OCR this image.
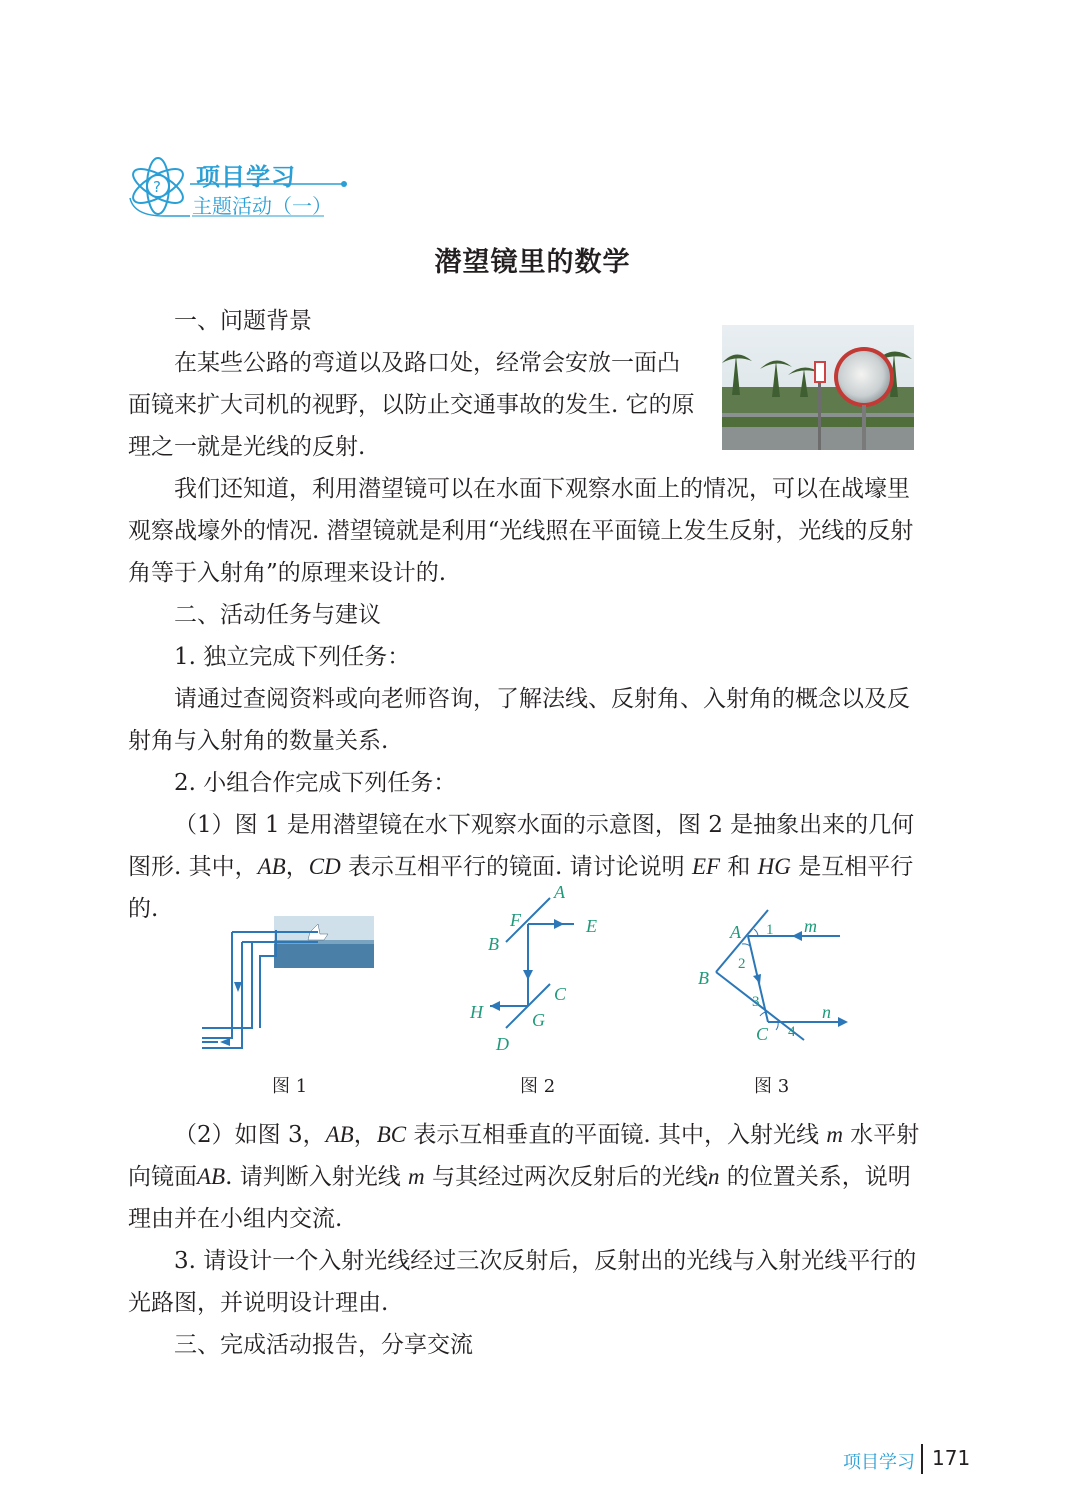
? 项目学习
主题活动（一）
潜望镜里的数学
一、问题背景

在某些公路的弯道以及路口处，经常会安放一面凸面镜来扩大司机的视野，以防止交通事故的发生. 它的原理之一就是光线的反射.

我们还知道，利用潜望镜可以在水面下观察水面上的情况，可以在战壕里观察战壕外的情况. 潜望镜就是利用“光线照在平面镜上发生反射，光线的反射角等于入射角”的原理来设计的.

二、活动任务与建议
1. 独立完成下列任务：

请通过查阅资料或向老师咨询，了解法线、反射角、入射角的概念以及反射角与入射角的数量关系.

2. 小组合作完成下列任务：

（1）图 1 是用潜望镜在水下观察水面的示意图，图 2 是抽象出来的几何图形. 其中，AB，CD 表示互相平行的镜面. 请讨论说明 EF 和 HG 是互相平行的.

图 1
A
B
F	E
C
G
H
D
图 2
A
B
C
m
n
1
2
3
4
图 3

（2）如图 3，AB，BC 表示互相垂直的平面镜. 其中，入射光线 m 水平射向镜面AB. 请判断入射光线 m 与其经过两次反射后的光线n 的位置关系，说明理由并在小组内交流.

3. 请设计一个入射光线经过三次反射后，反射出的光线与入射光线平行的光路图，并说明设计理由.

三、完成活动报告，分享交流
项目学习 171
